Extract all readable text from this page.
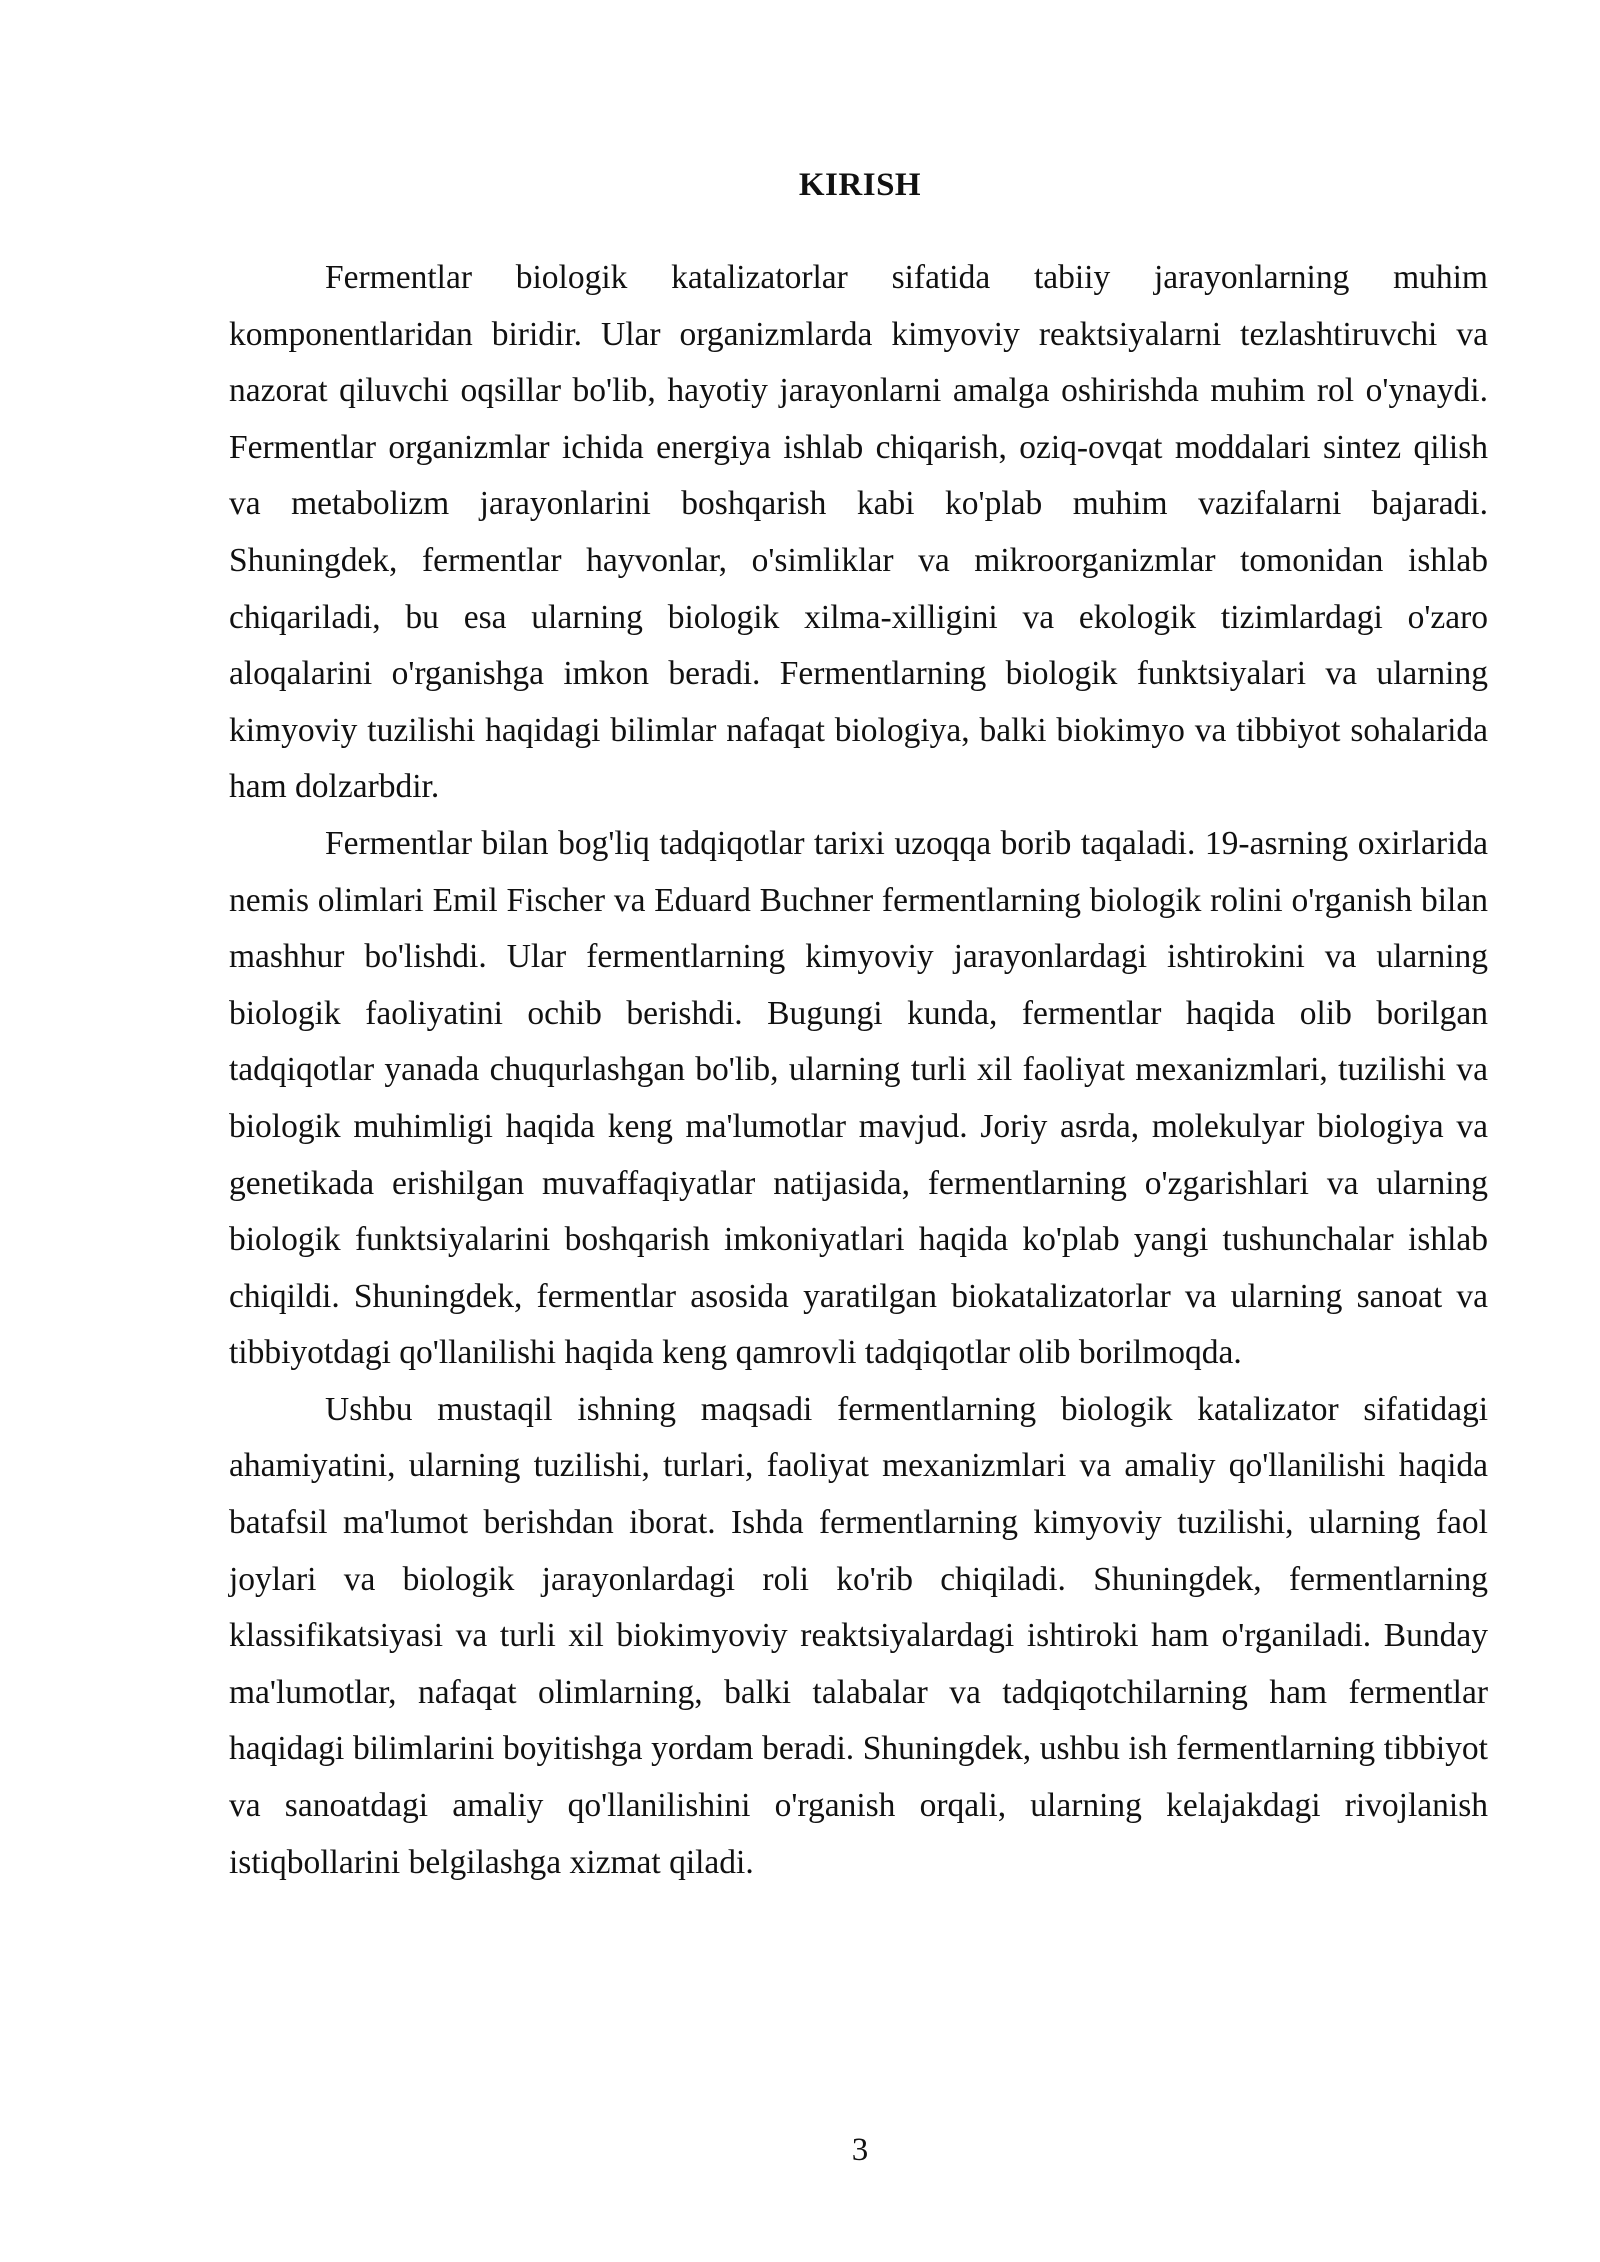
KIRISH

Fermentlar biologik katalizatorlar sifatida tabiiy jarayonlarning muhim komponentlaridan biridir. Ular organizmlarda kimyoviy reaktsiyalarni tezlashtiruvchi va nazorat qiluvchi oqsillar bo'lib, hayotiy jarayonlarni amalga oshirishda muhim rol o'ynaydi. Fermentlar organizmlar ichida energiya ishlab chiqarish, oziq-ovqat moddalari sintez qilish va metabolizm jarayonlarini boshqarish kabi ko'plab muhim vazifalarni bajaradi. Shuningdek, fermentlar hayvonlar, o'simliklar va mikroorganizmlar tomonidan ishlab chiqariladi, bu esa ularning biologik xilma-xilligini va ekologik tizimlardagi o'zaro aloqalarini o'rganishga imkon beradi. Fermentlarning biologik funktsiyalari va ularning kimyoviy tuzilishi haqidagi bilimlar nafaqat biologiya, balki biokimyo va tibbiyot sohalarida ham dolzarbdir.

Fermentlar bilan bog'liq tadqiqotlar tarixi uzoqqa borib taqaladi. 19-asrning oxirlarida nemis olimlari Emil Fischer va Eduard Buchner fermentlarning biologik rolini o'rganish bilan mashhur bo'lishdi. Ular fermentlarning kimyoviy jarayonlardagi ishtirokini va ularning biologik faoliyatini ochib berishdi. Bugungi kunda, fermentlar haqida olib borilgan tadqiqotlar yanada chuqurlashgan bo'lib, ularning turli xil faoliyat mexanizmlari, tuzilishi va biologik muhimligi haqida keng ma'lumotlar mavjud. Joriy asrda, molekulyar biologiya va genetikada erishilgan muvaffaqiyatlar natijasida, fermentlarning o'zgarishlari va ularning biologik funktsiyalarini boshqarish imkoniyatlari haqida ko'plab yangi tushunchalar ishlab chiqildi. Shuningdek, fermentlar asosida yaratilgan biokatalizatorlar va ularning sanoat va tibbiyotdagi qo'llanilishi haqida keng qamrovli tadqiqotlar olib borilmoqda.

Ushbu mustaqil ishning maqsadi fermentlarning biologik katalizator sifatidagi ahamiyatini, ularning tuzilishi, turlari, faoliyat mexanizmlari va amaliy qo'llanilishi haqida batafsil ma'lumot berishdan iborat. Ishda fermentlarning kimyoviy tuzilishi, ularning faol joylari va biologik jarayonlardagi roli ko'rib chiqiladi. Shuningdek, fermentlarning klassifikatsiyasi va turli xil biokimyoviy reaktsiyalardagi ishtiroki ham o'rganiladi. Bunday ma'lumotlar, nafaqat olimlarning, balki talabalar va tadqiqotchilarning ham fermentlar haqidagi bilimlarini boyitishga yordam beradi. Shuningdek, ushbu ish fermentlarning tibbiyot va sanoatdagi amaliy qo'llanilishini o'rganish orqali, ularning kelajakdagi rivojlanish istiqbollarini belgilashga xizmat qiladi.

3
